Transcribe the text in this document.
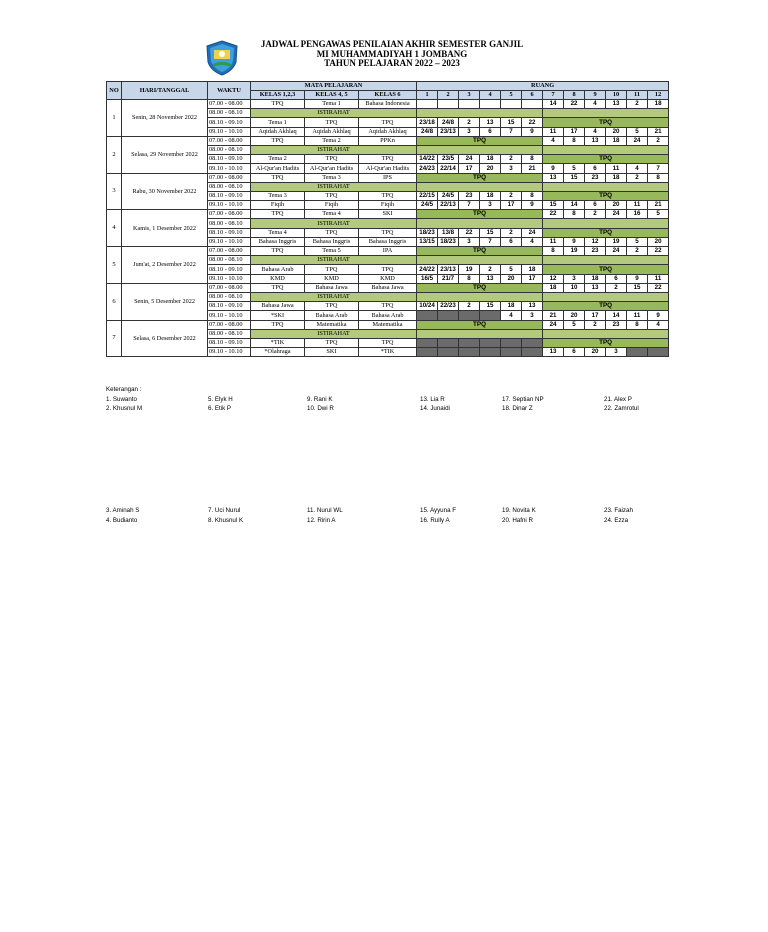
JADWAL PENGAWAS PENILAIAN AKHIR SEMESTER GANJIL
MI MUHAMMADIYAH 1 JOMBANG
TAHUN PELAJARAN 2022 – 2023
NO	HARI/TANGGAL	WAKTU	MATA PELAJARAN			RUANG											
			KELAS 1,2,3	KELAS 4, 5	KELAS 6	1	2	3	4	5	6	7	8	9	10	11	12
1	Senin, 28 November 2022	07.00 - 08.00	TPQ	Tema 1	Bahasa Indonesia							14	22	4	13	2	18
		08.00 - 08.10	ISTIRAHAT														
		08.10 - 09.10	Tema 1	TPQ	TPQ	23/18	24/8	2	13	15	22	TPQ					
		09.10 - 10.10	Aqidah Akhlaq	Aqidah Akhlaq	Aqidah Akhlaq	24/8	23/13	3	6	7	9	11	17	4	20	5	21
2	Selasa, 29 November 2022	07.00 - 08.00	TPQ	Tema 2	PPKn	TPQ						4	8	13	18	24	2
		08.00 - 08.10	ISTIRAHAT														
		08.10 - 09.10	Tema 2	TPQ	TPQ	14/22	23/5	24	18	2	8	TPQ					
		09.10 - 10.10	Al-Qur'an Hadits	Al-Qur'an Hadits	Al-Qur'an Hadits	24/23	22/14	17	20	3	21	9	5	6	11	4	7
3	Rabu, 30 November 2022	07.00 - 08.00	TPQ	Tema 3	IPS	TPQ						13	15	23	18	2	8
		08.00 - 08.10	ISTIRAHAT														
		08.10 - 09.10	Tema 3	TPQ	TPQ	22/15	24/5	23	18	2	8	TPQ					
		09.10 - 10.10	Fiqih	Fiqih	Fiqih	24/5	22/13	7	3	17	9	15	14	6	20	11	21
4	Kamis, 1 Desember 2022	07.00 - 08.00	TPQ	Tema 4	SKI	TPQ						22	8	2	24	16	5
		08.00 - 08.10	ISTIRAHAT														
		08.10 - 09.10	Tema 4	TPQ	TPQ	18/23	13/8	22	15	2	24	TPQ					
		09.10 - 10.10	Bahasa Inggris	Bahasa Inggris	Bahasa Inggris	13/15	18/23	3	7	6	4	11	9	12	19	5	20
5	Jum'at, 2 Desember 2022	07.00 - 08.00	TPQ	Tema 5	IPA	TPQ						8	19	23	24	2	22
		08.00 - 08.10	ISTIRAHAT														
		08.10 - 09.10	Bahasa Arab	TPQ	TPQ	24/22	23/13	19	2	5	18	TPQ					
		09.10 - 10.10	KMD	KMD	KMD	16/5	21/7	8	13	20	17	12	3	18	6	9	11
6	Senin, 5 Desember 2022	07.00 - 08.00	TPQ	Bahasa Jawa	Bahasa Jawa	TPQ						18	10	13	2	15	22
		08.00 - 08.10	ISTIRAHAT														
		08.10 - 09.10	Bahasa Jawa	TPQ	TPQ	10/24	22/23	2	15	18	13	TPQ					
		09.10 - 10.10	*SKI	Bahasa Arab	Bahasa Arab					4	3	21	20	17	14	11	9
7	Selasa, 6 Desember 2022	07.00 - 08.00	TPQ	Matematika	Matematika	TPQ						24	5	2	23	8	4
		08.00 - 08.10	ISTIRAHAT														
		08.10 - 09.10	*TIK	TPQ	TPQ							TPQ					
		09.10 - 10.10	*Olahraga	SKI	*TIK							13	6	20	3		
Keterangan :
1. Suwanto
2. Khusnul M
3. Aminah S
4. Budianto
5. Elyk H
6. Etik P
7. Uci Nurul
8. Khusnul K
9. Rani K
10. Dwi R
11. Nurul WL
12. Ririn A
13. Lia R
14. Junaidi
15. Ayyuna F
16. Rully A
17. Septian NP
18. Dinar Z
19. Novita K
20. Hafni R
21. Alex P
22. Zamrotul
23. Faizah
24. Ezza
